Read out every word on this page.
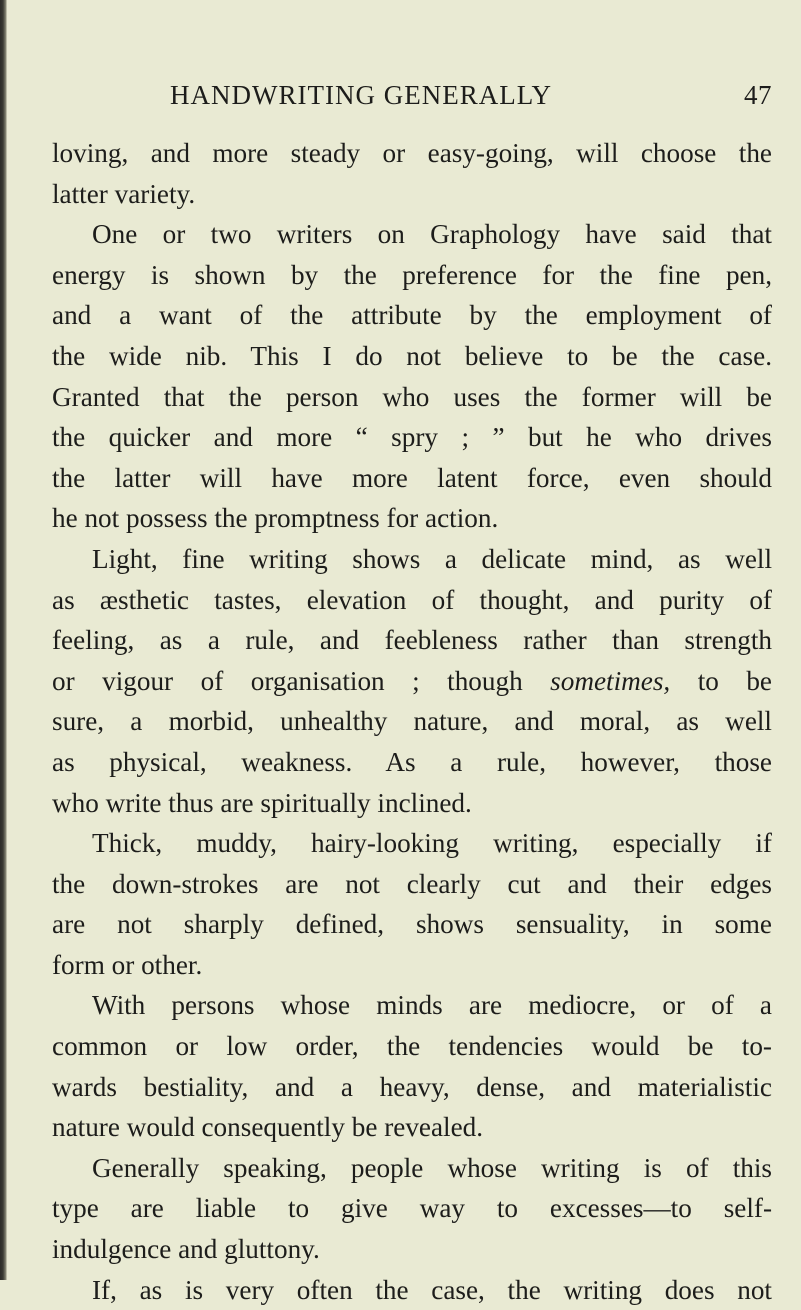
HANDWRITING GENERALLY	47
loving, and more steady or easy-going, will choose the
latter variety.
One or two writers on Graphology have said that
energy is shown by the preference for the fine pen,
and a want of the attribute by the employment of
the wide nib. This I do not believe to be the case.
Granted that the person who uses the former will be
the quicker and more “ spry ; ” but he who drives
the latter will have more latent force, even should
he not possess the promptness for action.
Light, fine writing shows a delicate mind, as well
as æsthetic tastes, elevation of thought, and purity of
feeling, as a rule, and feebleness rather than strength
or vigour of organisation ; though sometimes, to be
sure, a morbid, unhealthy nature, and moral, as well
as physical, weakness. As a rule, however, those
who write thus are spiritually inclined.
Thick, muddy, hairy-looking writing, especially if
the down-strokes are not clearly cut and their edges
are not sharply defined, shows sensuality, in some
form or other.
With persons whose minds are mediocre, or of a
common or low order, the tendencies would be to-
wards bestiality, and a heavy, dense, and materialistic
nature would consequently be revealed.
Generally speaking, people whose writing is of this
type are liable to give way to excesses—to self-
indulgence and gluttony.
If, as is very often the case, the writing does not
